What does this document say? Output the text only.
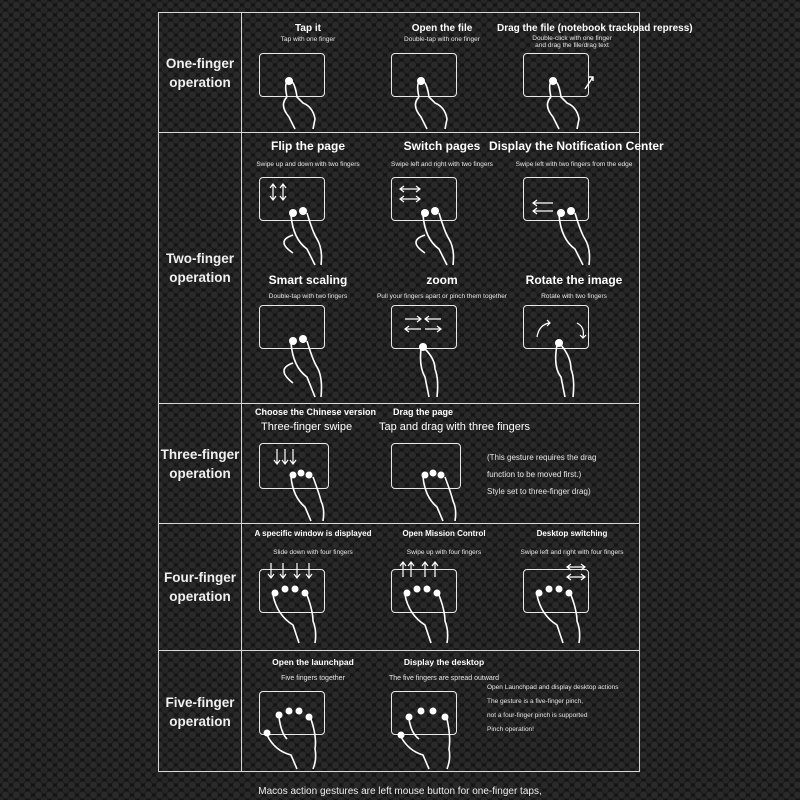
One-finger
operation
Two-finger
operation
Three-finger
operation
Four-finger
operation
Five-finger
operation
Tap it
Tap with one finger
Open the file
Double-tap with one finger
Drag the file (notebook trackpad repress)
Double-click with one finger
and drag the file/drag text
Flip the page
Swipe up and down with two fingers
Switch pages
Swipe left and right with two fingers
Display the Notification Center
Swipe left with two fingers from the edge
Smart scaling
Double-tap with two fingers
zoom
Pull your fingers apart or pinch them together
Rotate the image
Rotate with two fingers
Choose the Chinese version
Three-finger swipe
Drag the page
Tap and drag with three fingers
(This gesture requires the drag
function to be moved first.)
Style set to three-finger drag)
A specific window is displayed
Slide down with four fingers
Open Mission Control
Swipe up with four fingers
Desktop switching
Swipe left and right with four fingers
Open the launchpad
Five fingers together
Display the desktop
The five fingers are spread outward
Open Launchpad and display desktop actions
The gesture is a five-finger pinch,
not a four-finger pinch is supported
Pinch operation!
Macos action gestures are left mouse button for one-finger taps,
